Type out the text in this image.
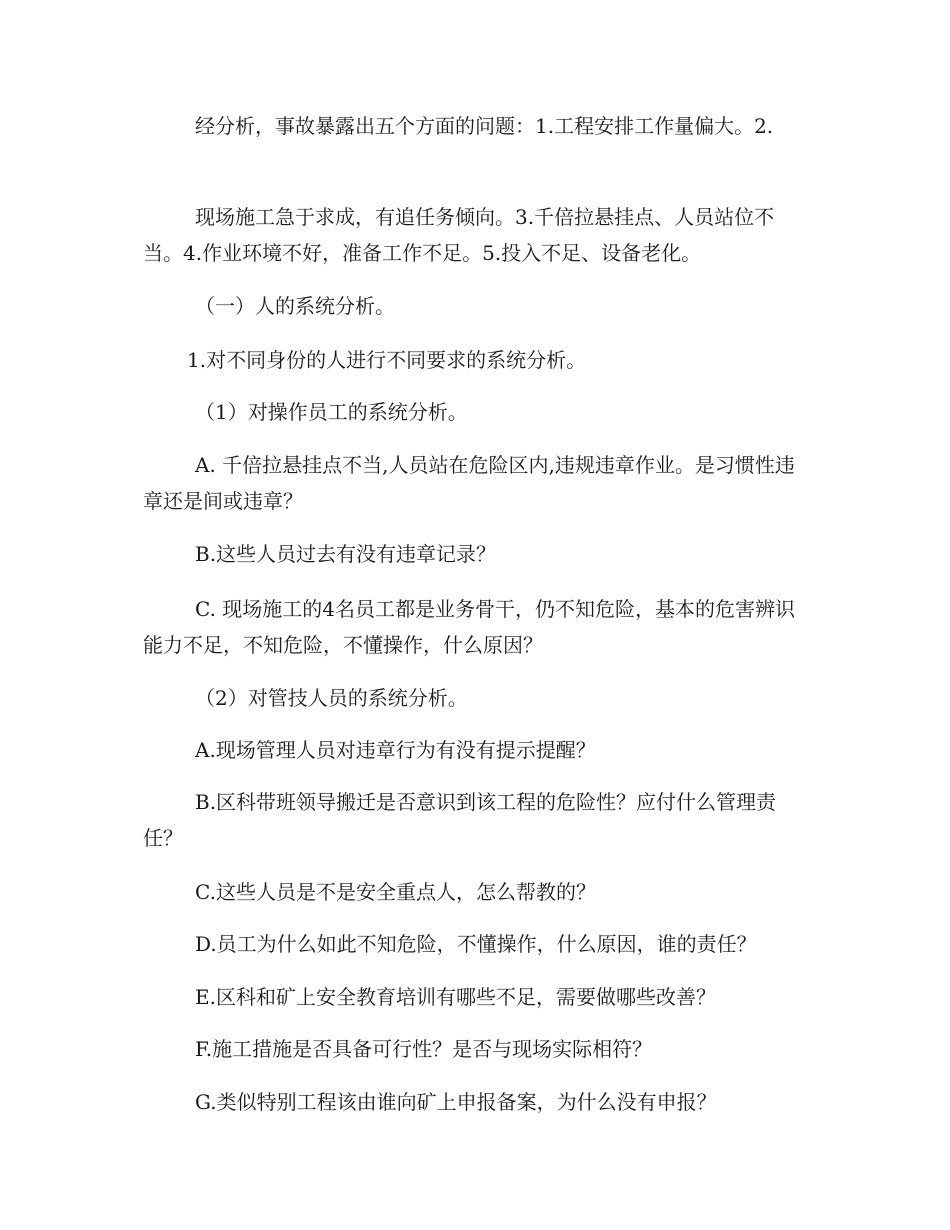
经分析，事故暴露出五个方面的问题：1.工程安排工作量偏大。2.

现场施工急于求成，有追任务倾向。3.千倍拉悬挂点、人员站位不当。4.作业环境不好，准备工作不足。5.投入不足、设备老化。

（一）人的系统分析。

1.对不同身份的人进行不同要求的系统分析。

（1）对操作员工的系统分析。

A. 千倍拉悬挂点不当,人员站在危险区内,违规违章作业。是习惯性违章还是间或违章？

B.这些人员过去有没有违章记录？

C. 现场施工的4名员工都是业务骨干，仍不知危险，基本的危害辨识能力不足，不知危险，不懂操作，什么原因？

（2）对管技人员的系统分析。

A.现场管理人员对违章行为有没有提示提醒？

B.区科带班领导搬迁是否意识到该工程的危险性？应付什么管理责任？

C.这些人员是不是安全重点人，怎么帮教的？

D.员工为什么如此不知危险，不懂操作，什么原因，谁的责任？

E.区科和矿上安全教育培训有哪些不足，需要做哪些改善？

F.施工措施是否具备可行性？是否与现场实际相符？

G.类似特别工程该由谁向矿上申报备案，为什么没有申报？
